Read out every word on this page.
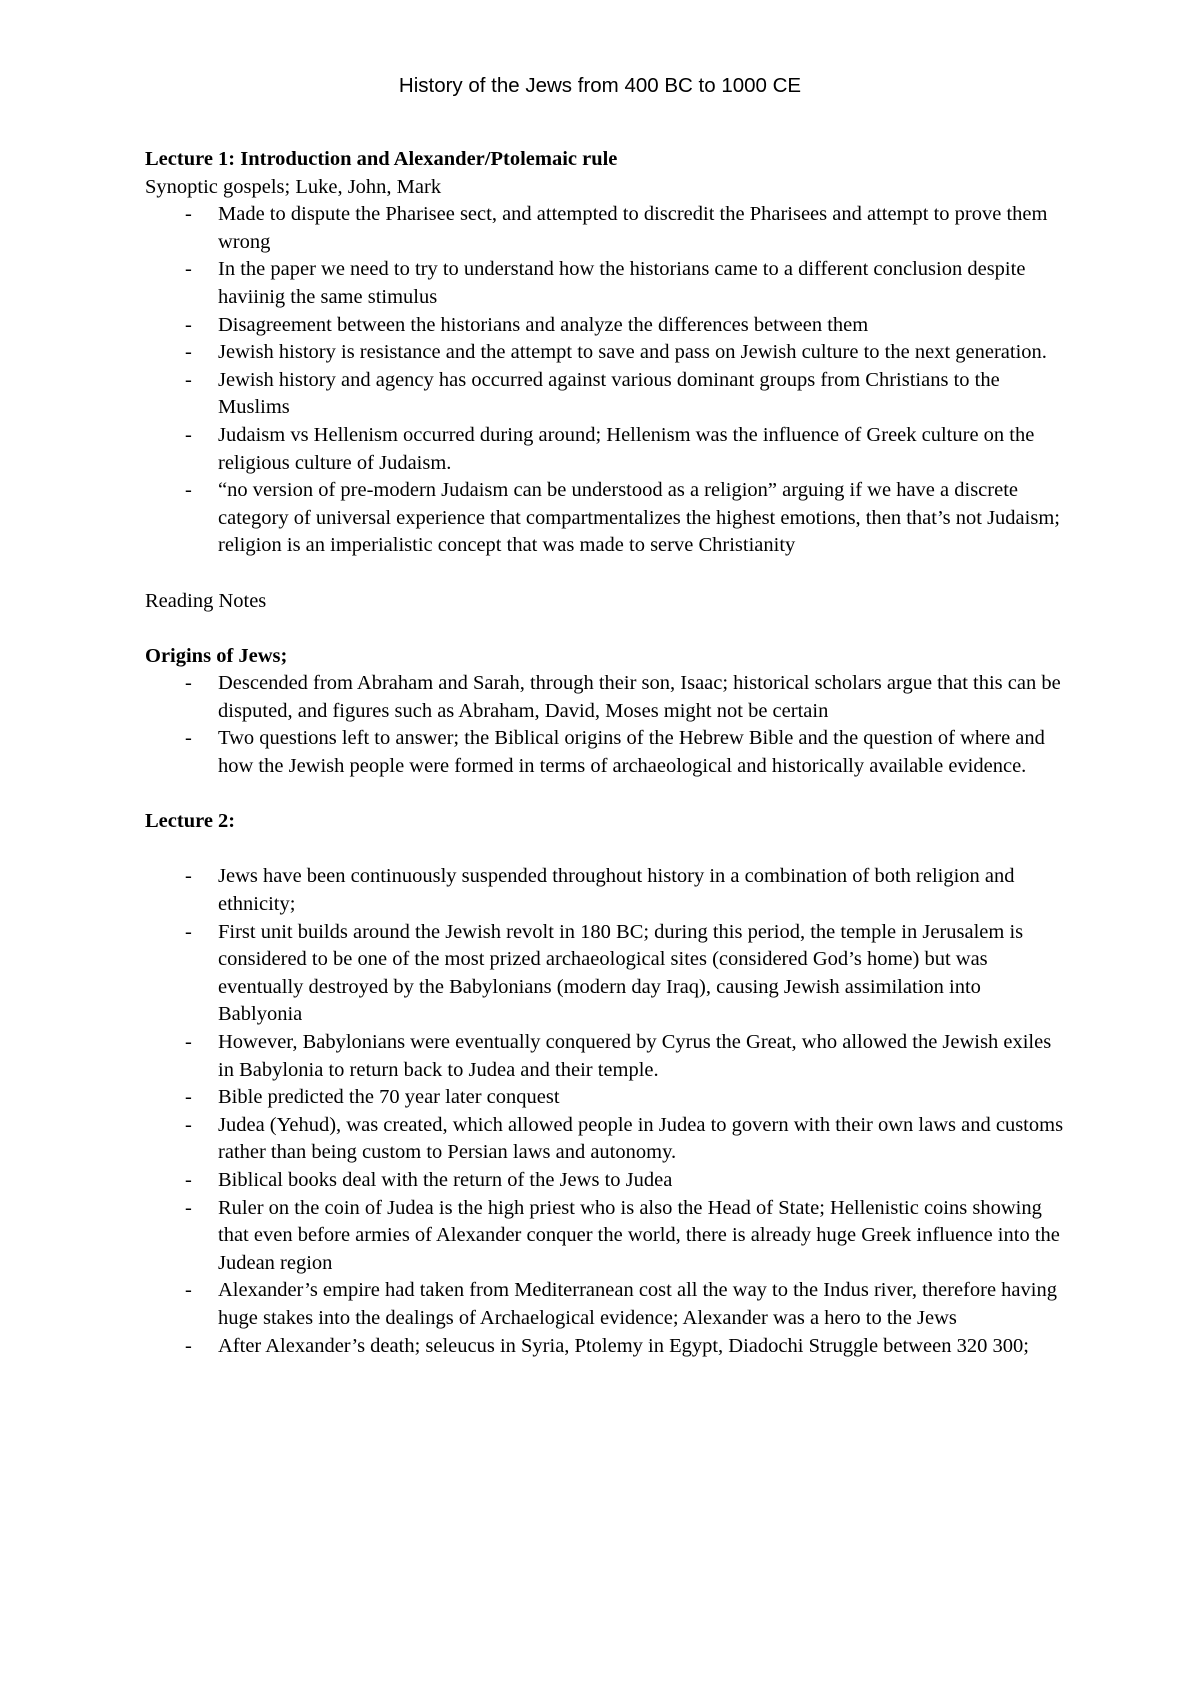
History of the Jews from 400 BC to 1000 CE

Lecture 1: Introduction and Alexander/Ptolemaic rule

Synoptic gospels; Luke, John, Mark

- Made to dispute the Pharisee sect, and attempted to discredit the Pharisees and attempt to prove them wrong
- In the paper we need to try to understand how the historians came to a different conclusion despite haviinig the same stimulus
- Disagreement between the historians and analyze the differences between them
- Jewish history is resistance and the attempt to save and pass on Jewish culture to the next generation.
- Jewish history and agency has occurred against various dominant groups from Christians to the Muslims
- Judaism vs Hellenism occurred during around; Hellenism was the influence of Greek culture on the religious culture of Judaism.
- “no version of pre-modern Judaism can be understood as a religion” arguing if we have a discrete category of universal experience that compartmentalizes the highest emotions, then that’s not Judaism; religion is an imperialistic concept that was made to serve Christianity

Reading Notes

Origins of Jews;

- Descended from Abraham and Sarah, through their son, Isaac; historical scholars argue that this can be disputed, and figures such as Abraham, David, Moses might not be certain
- Two questions left to answer; the Biblical origins of the Hebrew Bible and the question of where and how the Jewish people were formed in terms of archaeological and historically available evidence.

Lecture 2:

- Jews have been continuously suspended throughout history in a combination of both religion and ethnicity;
- First unit builds around the Jewish revolt in 180 BC; during this period, the temple in Jerusalem is considered to be one of the most prized archaeological sites (considered God’s home) but was eventually destroyed by the Babylonians (modern day Iraq), causing Jewish assimilation into Bablyonia
- However, Babylonians were eventually conquered by Cyrus the Great, who allowed the Jewish exiles in Babylonia to return back to Judea and their temple.
- Bible predicted the 70 year later conquest
- Judea (Yehud), was created, which allowed people in Judea to govern with their own laws and customs rather than being custom to Persian laws and autonomy.
- Biblical books deal with the return of the Jews to Judea
- Ruler on the coin of Judea is the high priest who is also the Head of State; Hellenistic coins showing that even before armies of Alexander conquer the world, there is already huge Greek influence into the Judean region
- Alexander’s empire had taken from Mediterranean cost all the way to the Indus river, therefore having huge stakes into the dealings of Archaelogical evidence; Alexander was a hero to the Jews
- After Alexander’s death; seleucus in Syria, Ptolemy in Egypt, Diadochi Struggle between 320 300;
